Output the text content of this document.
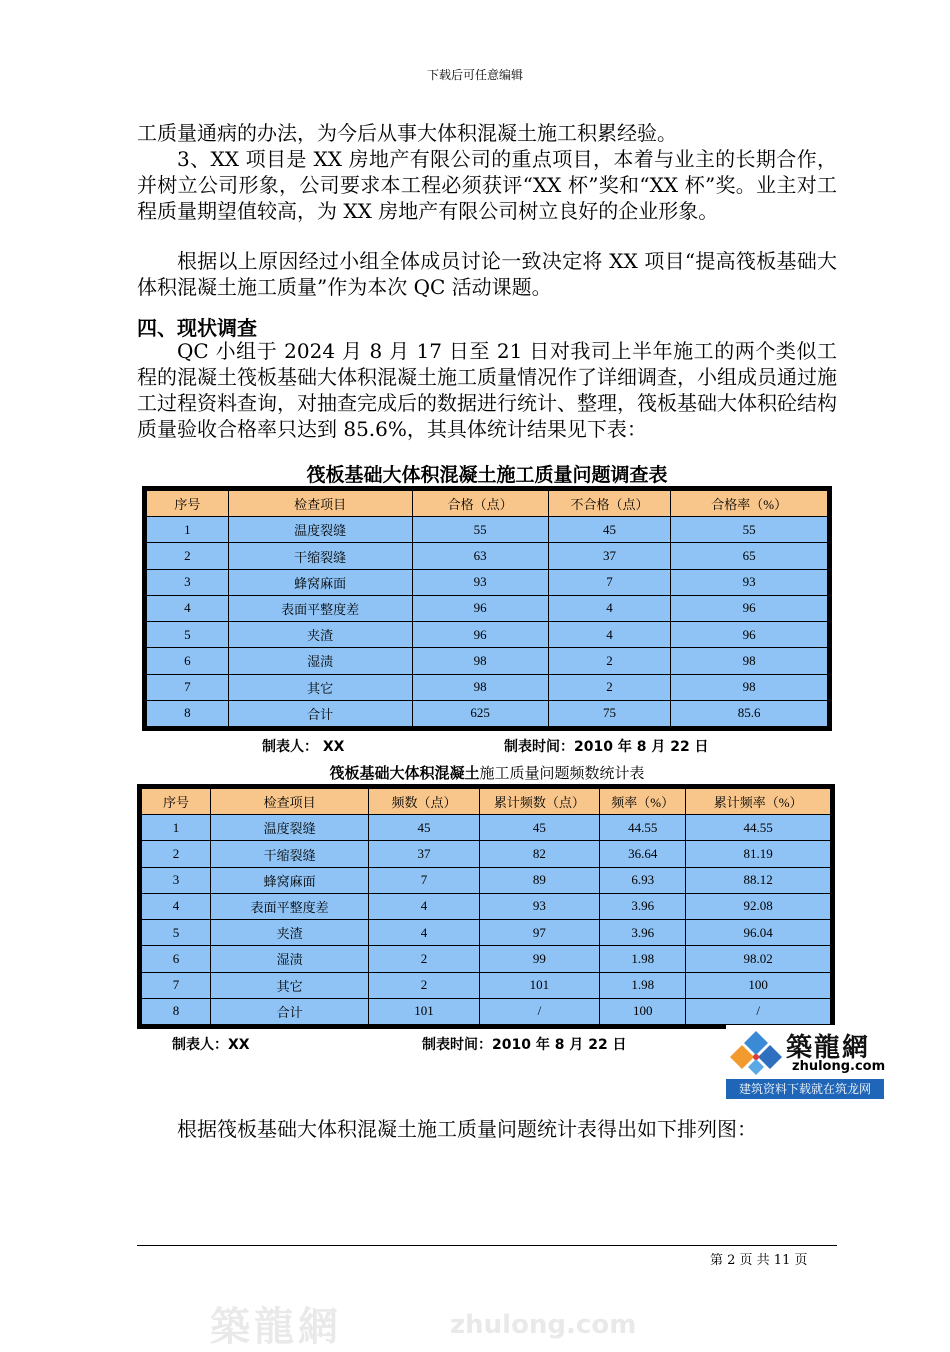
下载后可任意编辑

工质量通病的办法，为今后从事大体积混凝土施工积累经验。

3、XX 项目是 XX 房地产有限公司的重点项目，本着与业主的长期合作，并树立公司形象，公司要求本工程必须获评“XX 杯”奖和“XX 杯”奖。业主对工程质量期望值较高，为 XX 房地产有限公司树立良好的企业形象。

根据以上原因经过小组全体成员讨论一致决定将 XX 项目“提高筏板基础大体积混凝土施工质量”作为本次 QC 活动课题。

四、现状调查

QC 小组于 2024 月 8 月 17 日至 21 日对我司上半年施工的两个类似工程的混凝土筏板基础大体积混凝土施工质量情况作了详细调查，小组成员通过施工过程资料查询，对抽查完成后的数据进行统计、整理，筏板基础大体积砼结构质量验收合格率只达到 85.6%，其具体统计结果见下表：

筏板基础大体积混凝土施工质量问题调查表
序号	检查项目	合格（点）	不合格（点）	合格率（%）
1	温度裂缝	55	45	55
2	干缩裂缝	63	37	65
3	蜂窝麻面	93	7	93
4	表面平整度差	96	4	96
5	夹渣	96	4	96
6	湿渍	98	2	98
7	其它	98	2	98
8	合计	625	75	85.6
制表人： XX	制表时间：2010 年 8 月 22 日
筏板基础大体积混凝土施工质量问题频数统计表
序号	检查项目	频数（点）	累计频数（点）	频率（%）	累计频率（%）
1	温度裂缝	45	45	44.55	44.55
2	干缩裂缝	37	82	36.64	81.19
3	蜂窝麻面	7	89	6.93	88.12
4	表面平整度差	4	93	3.96	92.08
5	夹渣	4	97	3.96	96.04
6	湿渍	2	99	1.98	98.02
7	其它	2	101	1.98	100
8	合计	101	/	100	/
制表人：XX	制表时间：2010 年 8 月 22 日	築龍網
zhulong.com
建筑资料下载就在筑龙网

根据筏板基础大体积混凝土施工质量问题统计表得出如下排列图：

第 2 页 共 11 页
築龍網	zhulong.com
